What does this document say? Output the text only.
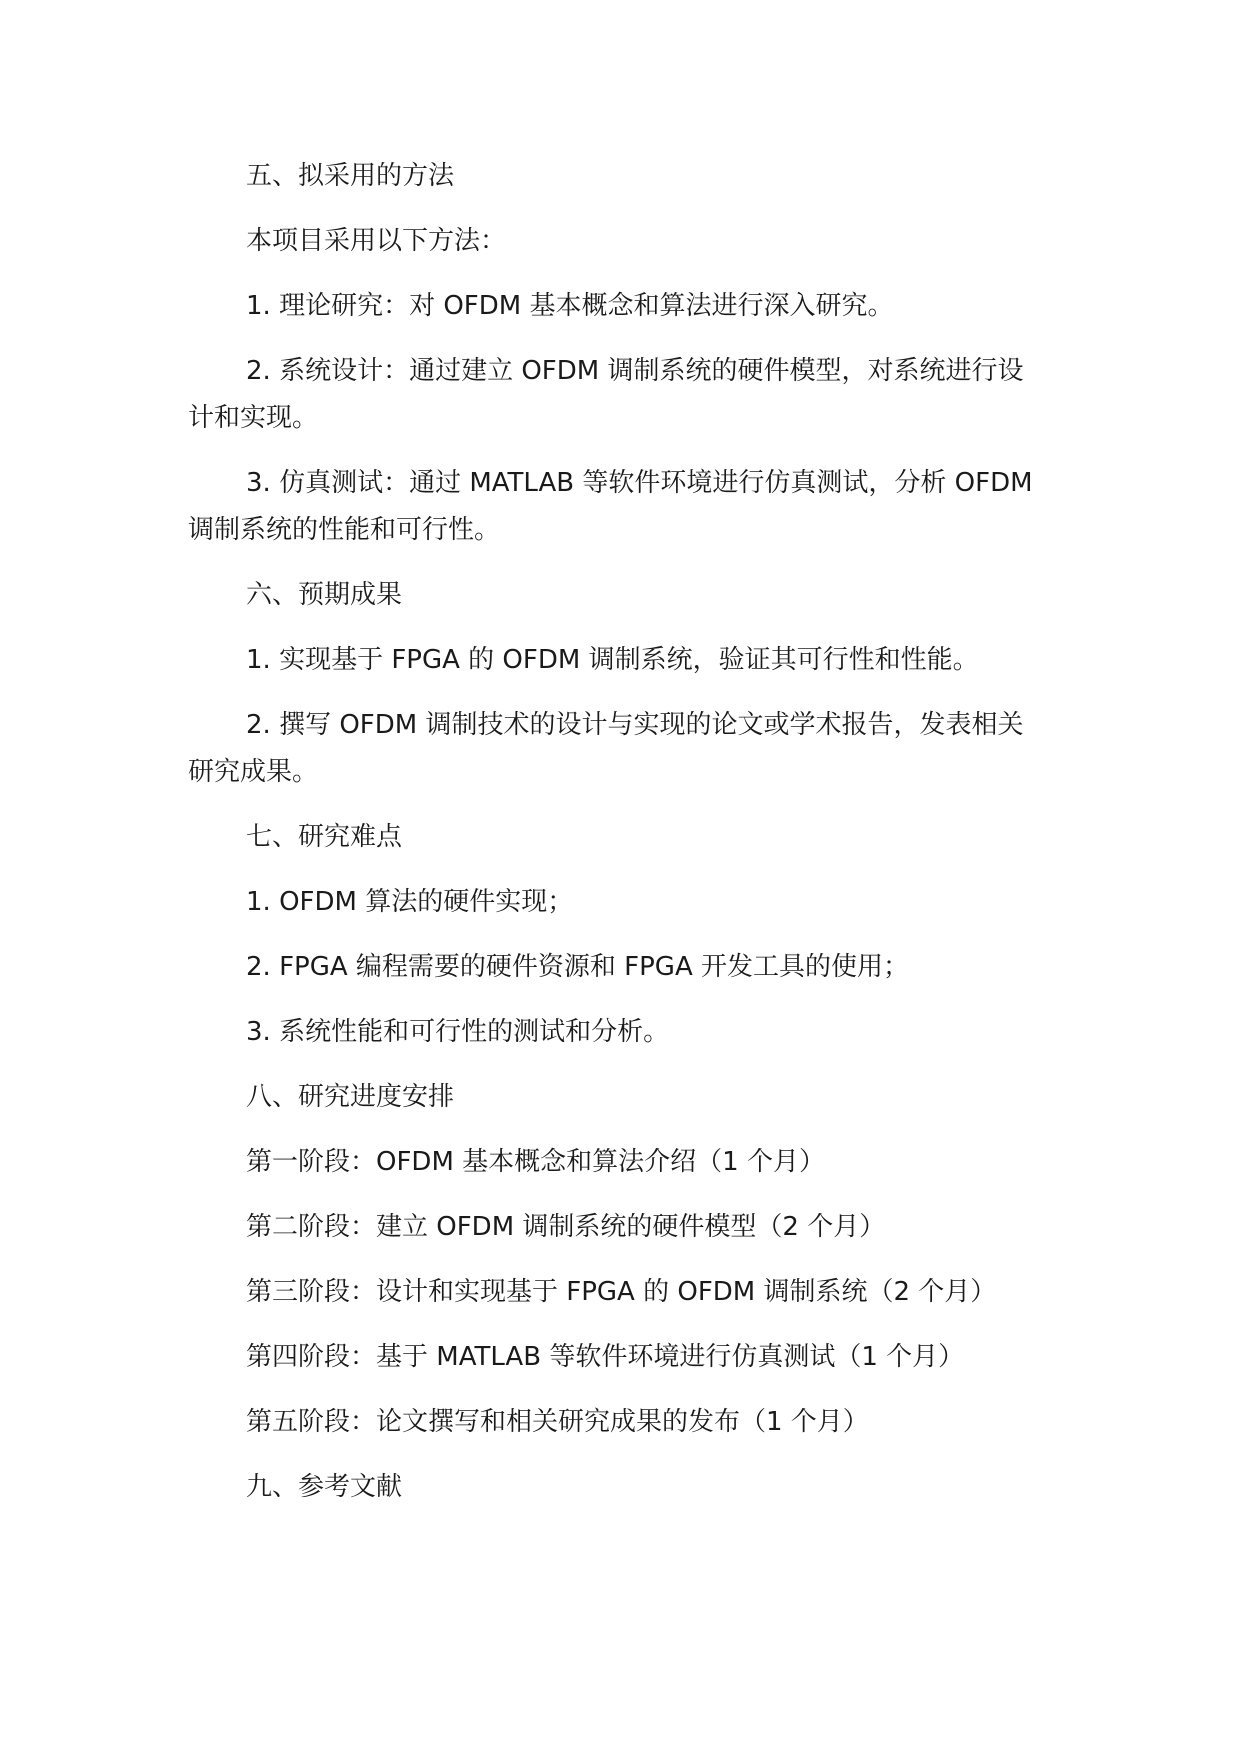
五、拟采用的方法

本项目采用以下方法：

1. 理论研究：对 OFDM 基本概念和算法进行深入研究。

2. 系统设计：通过建立 OFDM 调制系统的硬件模型，对系统进行设计和实现。

3. 仿真测试：通过 MATLAB 等软件环境进行仿真测试，分析 OFDM 调制系统的性能和可行性。

六、预期成果

1. 实现基于 FPGA 的 OFDM 调制系统，验证其可行性和性能。

2. 撰写 OFDM 调制技术的设计与实现的论文或学术报告，发表相关研究成果。

七、研究难点

1. OFDM 算法的硬件实现；

2. FPGA 编程需要的硬件资源和 FPGA 开发工具的使用；

3. 系统性能和可行性的测试和分析。

八、研究进度安排

第一阶段：OFDM 基本概念和算法介绍（1 个月）

第二阶段：建立 OFDM 调制系统的硬件模型（2 个月）

第三阶段：设计和实现基于 FPGA 的 OFDM 调制系统（2 个月）

第四阶段：基于 MATLAB 等软件环境进行仿真测试（1 个月）

第五阶段：论文撰写和相关研究成果的发布（1 个月）

九、参考文献
